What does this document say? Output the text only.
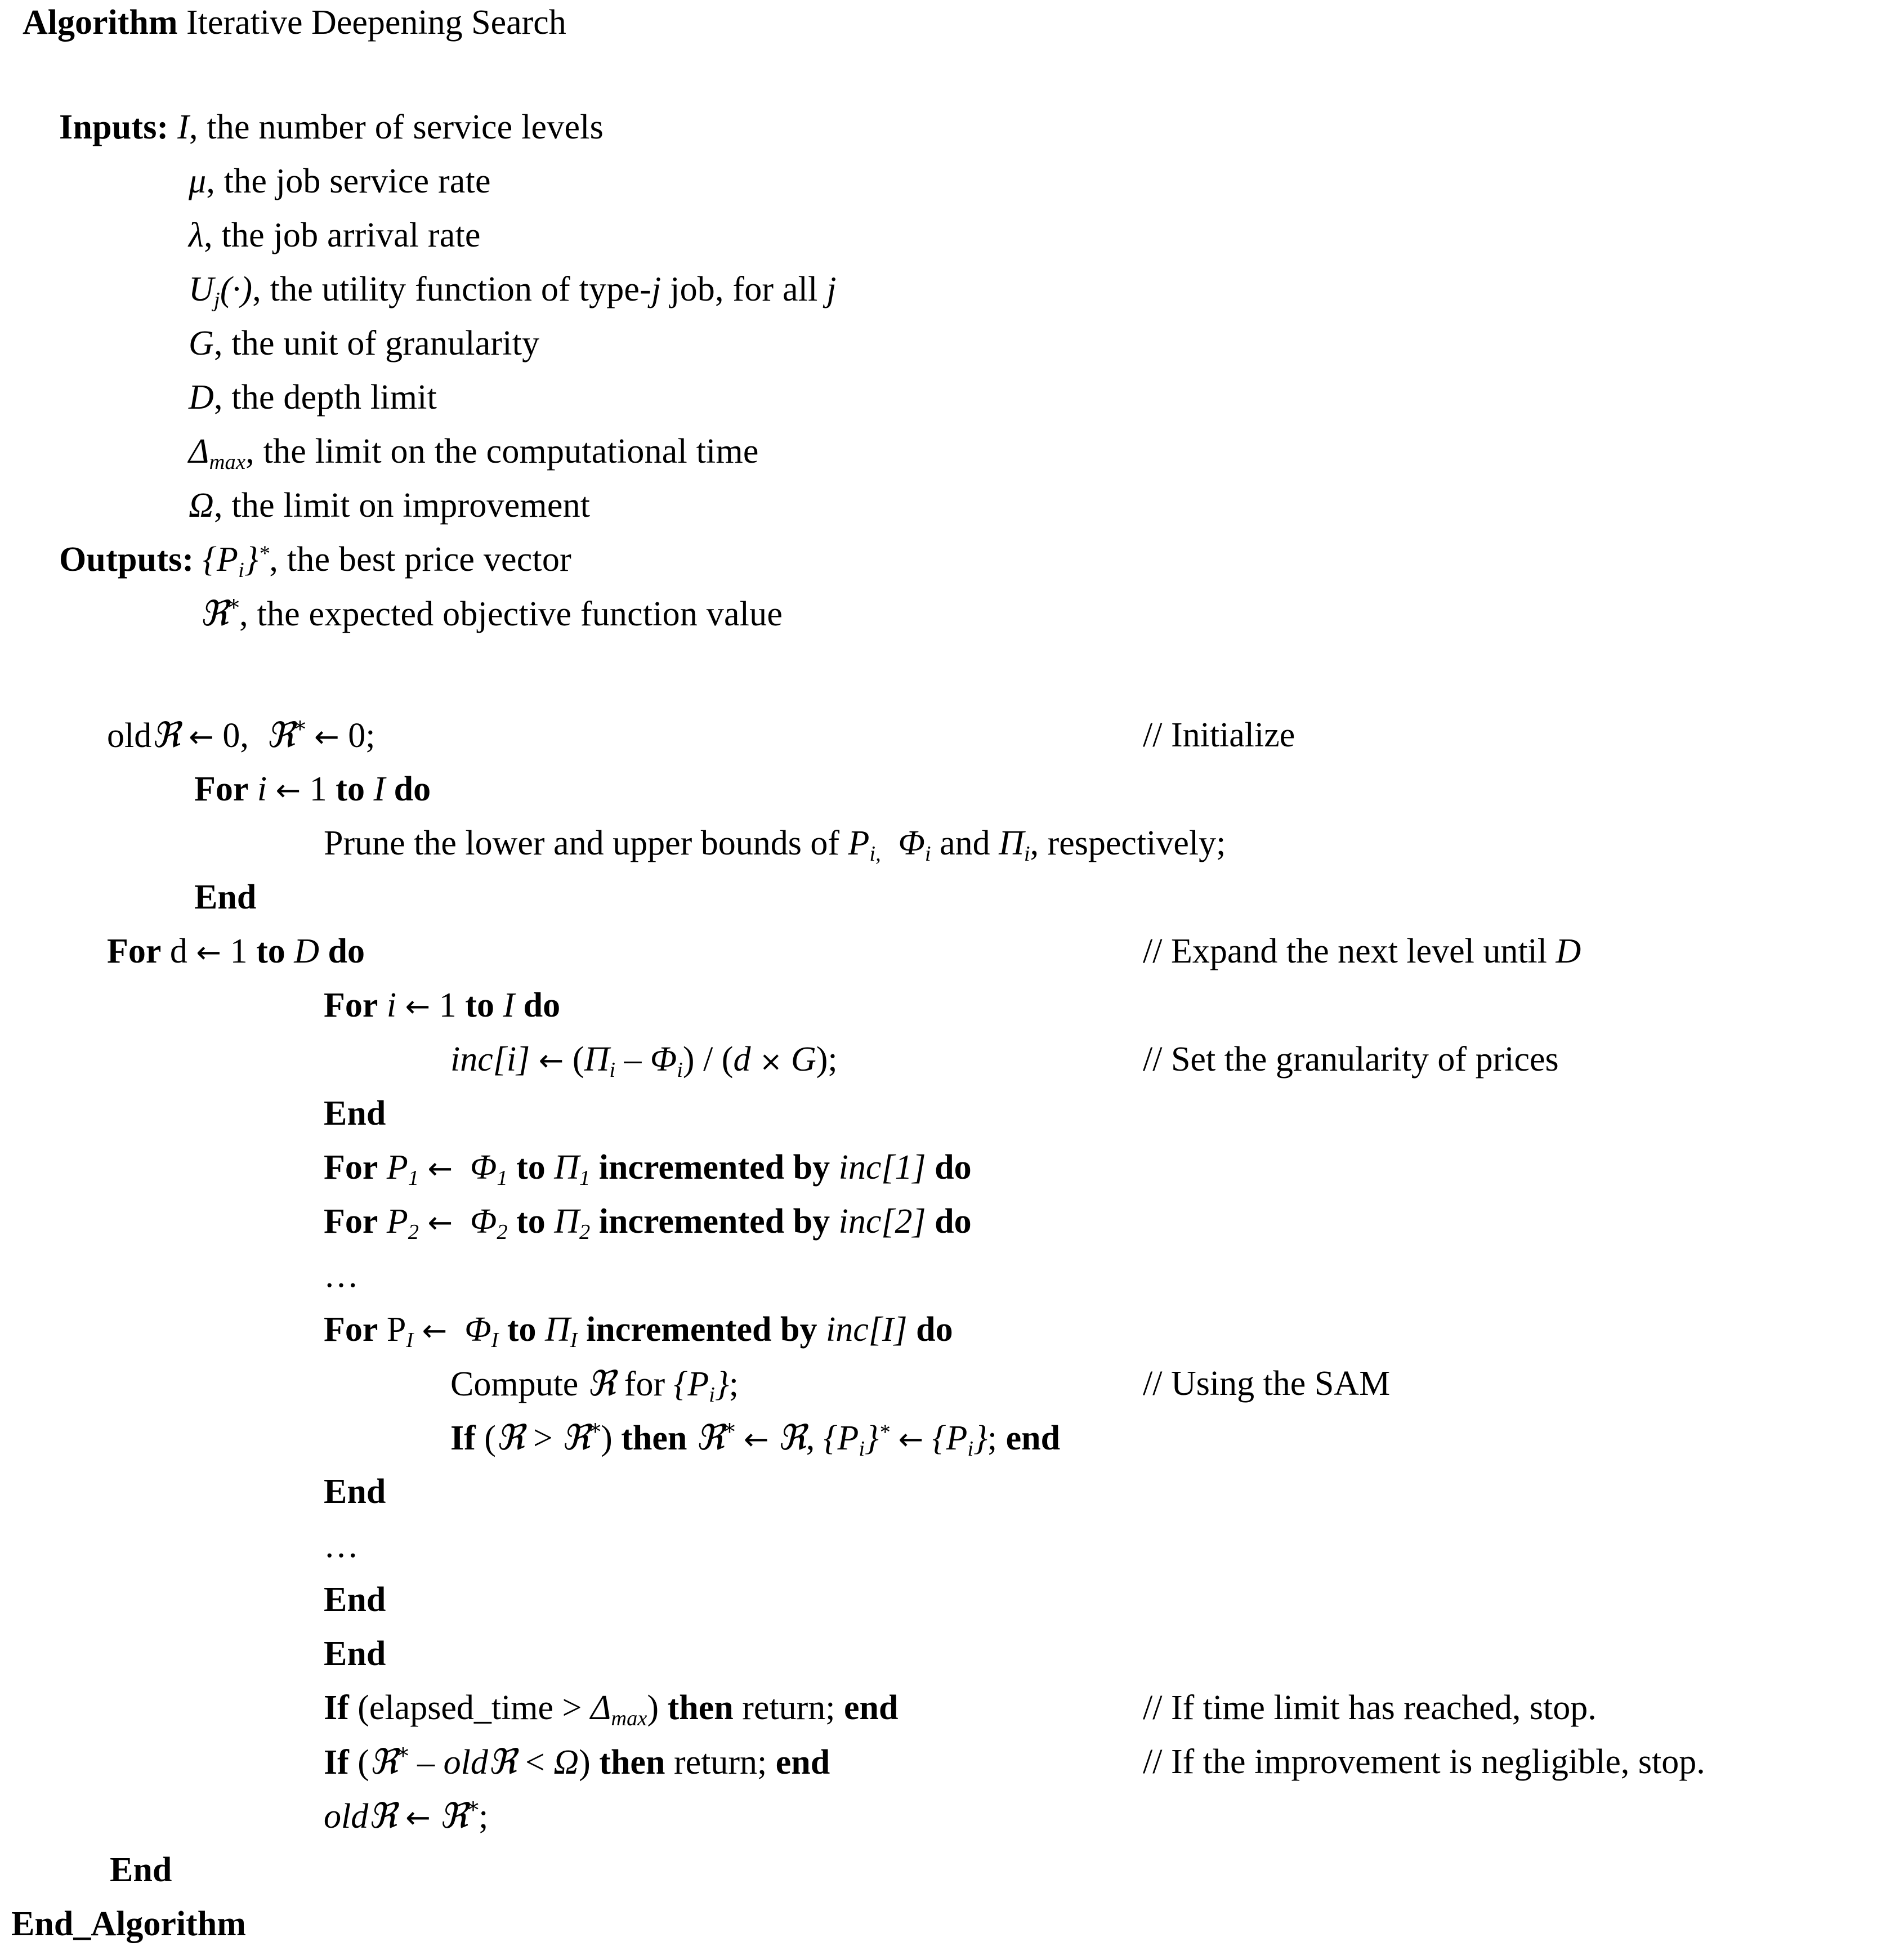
Algorithm Iterative Deepening Search
Inputs: I, the number of service levels
μ, the job service rate
λ, the job arrival rate
$U_j(\cdot)$, the utility function of type-j job, for all j
G, the unit of granularity
D, the depth limit
$\Delta_{max}$, the limit on the computational time
Ω, the limit on improvement
Outputs: $\{P_i\}^*$, the best price vector
ℜ*, the expected objective function value
oldℜ ← 0,  ℜ* ← 0;	// Initialize
For i ← 1 to I do
Prune the lower and upper bounds of $P_{i,}$ $\Phi_i$ and $\Pi_i$, respectively;
End
For d ← 1 to D do	// Expand the next level until D
For i ← 1 to I do
inc[i] ← $(\Pi_i - \Phi_i) / (d \times G)$;	// Set the granularity of prices
End
For $P_1$ ← $\Phi_1$ to $\Pi_1$ incremented by inc[1] do
For $P_2$ ← $\Phi_2$ to $\Pi_2$ incremented by inc[2] do
…
For $P_I$ ← $\Phi_I$ to $\Pi_I$ incremented by inc[I] do
Compute ℜ for $\{P_i\}$;	// Using the SAM
If (ℜ > ℜ*) then ℜ* ← ℜ, $\{P_i\}^*$ ← $\{P_i\}$; end
End
…
End
End
If (elapsed_time > $\Delta_{max}$) then return; end	// If time limit has reached, stop.
If (ℜ* – oldℜ < Ω) then return; end	// If the improvement is negligible, stop.
oldℜ ← ℜ*;
End
End_Algorithm
